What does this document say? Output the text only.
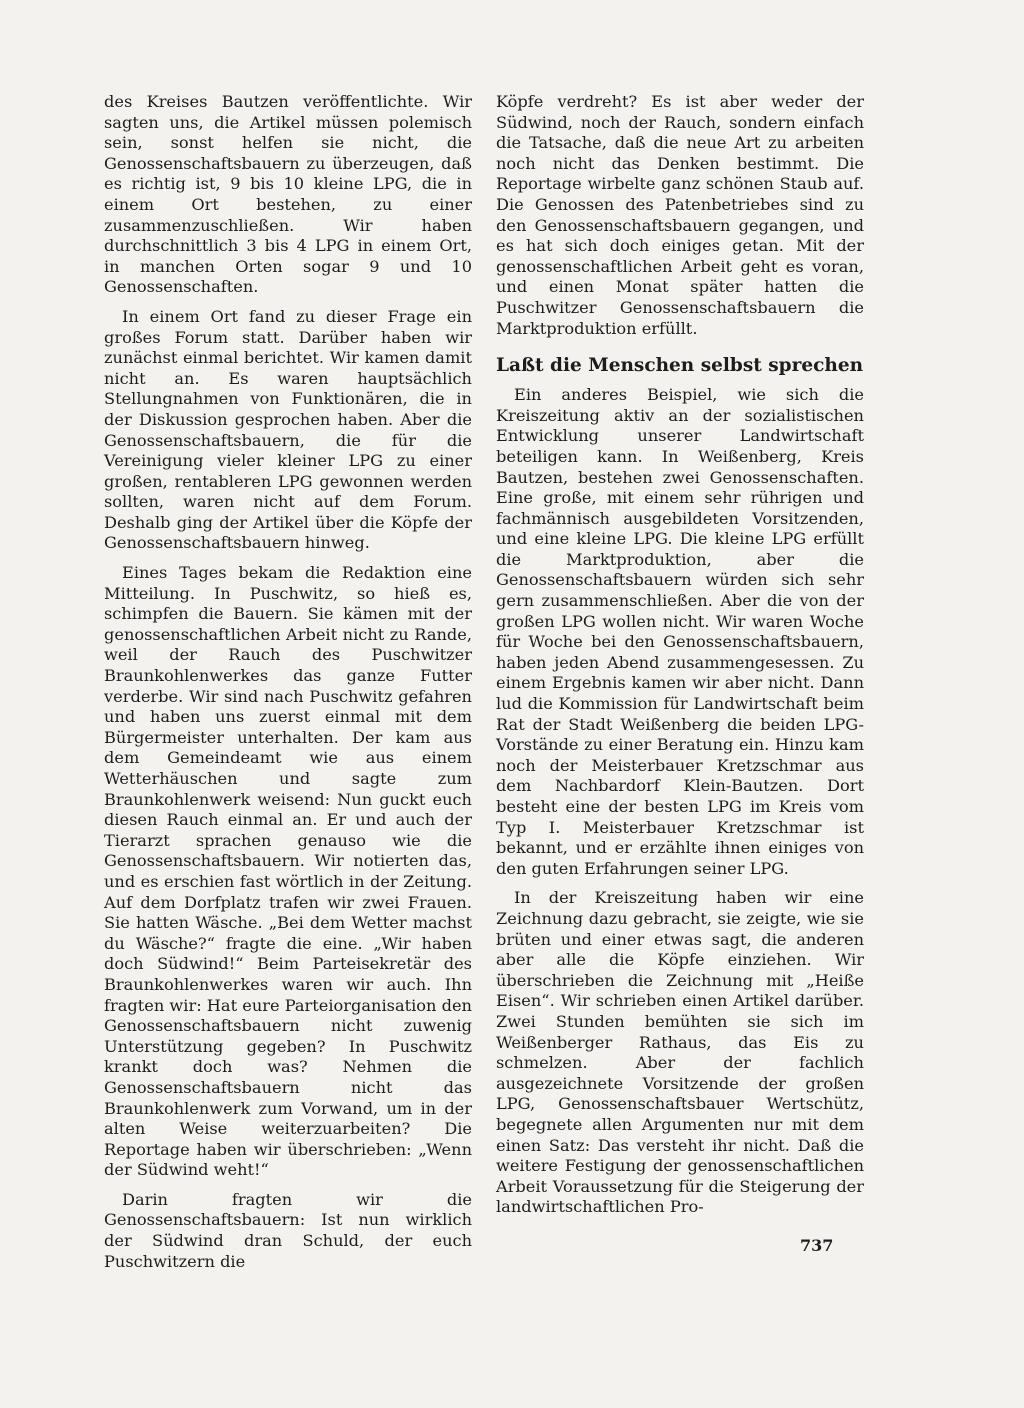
des Kreises Bautzen veröffentlichte. Wir sagten uns, die Artikel müssen polemisch sein, sonst helfen sie nicht, die Genossenschaftsbauern zu überzeugen, daß es richtig ist, 9 bis 10 kleine LPG, die in einem Ort bestehen, zu einer zusammenzuschließen. Wir haben durchschnittlich 3 bis 4 LPG in einem Ort, in manchen Orten sogar 9 und 10 Genossenschaften.

In einem Ort fand zu dieser Frage ein großes Forum statt. Darüber haben wir zunächst einmal berichtet. Wir kamen damit nicht an. Es waren hauptsächlich Stellungnahmen von Funktionären, die in der Diskussion gesprochen haben. Aber die Genossenschaftsbauern, die für die Vereinigung vieler kleiner LPG zu einer großen, rentableren LPG gewonnen werden sollten, waren nicht auf dem Forum. Deshalb ging der Artikel über die Köpfe der Genossenschaftsbauern hinweg.

Eines Tages bekam die Redaktion eine Mitteilung. In Puschwitz, so hieß es, schimpfen die Bauern. Sie kämen mit der genossenschaftlichen Arbeit nicht zu Rande, weil der Rauch des Puschwitzer Braunkohlenwerkes das ganze Futter verderbe. Wir sind nach Puschwitz gefahren und haben uns zuerst einmal mit dem Bürgermeister unterhalten. Der kam aus dem Gemeindeamt wie aus einem Wetterhäuschen und sagte zum Braunkohlenwerk weisend: Nun guckt euch diesen Rauch einmal an. Er und auch der Tierarzt sprachen genauso wie die Genossenschaftsbauern. Wir notierten das, und es erschien fast wörtlich in der Zeitung. Auf dem Dorfplatz trafen wir zwei Frauen. Sie hatten Wäsche. „Bei dem Wetter machst du Wäsche?“ fragte die eine. „Wir haben doch Südwind!“ Beim Parteisekretär des Braunkohlenwerkes waren wir auch. Ihn fragten wir: Hat eure Parteiorganisation den Genossenschaftsbauern nicht zuwenig Unterstützung gegeben? In Puschwitz krankt doch was? Nehmen die Genossenschaftsbauern nicht das Braunkohlenwerk zum Vorwand, um in der alten Weise weiterzuarbeiten? Die Reportage haben wir überschrieben: „Wenn der Südwind weht!“

Darin fragten wir die Genossenschaftsbauern: Ist nun wirklich der Südwind dran Schuld, der euch Puschwitzern die

Köpfe verdreht? Es ist aber weder der Südwind, noch der Rauch, sondern einfach die Tatsache, daß die neue Art zu arbeiten noch nicht das Denken bestimmt. Die Reportage wirbelte ganz schönen Staub auf. Die Genossen des Patenbetriebes sind zu den Genossenschaftsbauern gegangen, und es hat sich doch einiges getan. Mit der genossenschaftlichen Arbeit geht es voran, und einen Monat später hatten die Puschwitzer Genossenschaftsbauern die Marktproduktion erfüllt.

Laßt die Menschen selbst sprechen

Ein anderes Beispiel, wie sich die Kreiszeitung aktiv an der sozialistischen Entwicklung unserer Landwirtschaft beteiligen kann. In Weißenberg, Kreis Bautzen, bestehen zwei Genossenschaften. Eine große, mit einem sehr rührigen und fachmännisch ausgebildeten Vorsitzenden, und eine kleine LPG. Die kleine LPG erfüllt die Marktproduktion, aber die Genossenschaftsbauern würden sich sehr gern zusammenschließen. Aber die von der großen LPG wollen nicht. Wir waren Woche für Woche bei den Genossenschaftsbauern, haben jeden Abend zusammengesessen. Zu einem Ergebnis kamen wir aber nicht. Dann lud die Kommission für Landwirtschaft beim Rat der Stadt Weißenberg die beiden LPG-Vorstände zu einer Beratung ein. Hinzu kam noch der Meisterbauer Kretzschmar aus dem Nachbardorf Klein-Bautzen. Dort besteht eine der besten LPG im Kreis vom Typ I. Meisterbauer Kretzschmar ist bekannt, und er erzählte ihnen einiges von den guten Erfahrungen seiner LPG.

In der Kreiszeitung haben wir eine Zeichnung dazu gebracht, sie zeigte, wie sie brüten und einer etwas sagt, die anderen aber alle die Köpfe einziehen. Wir überschrieben die Zeichnung mit „Heiße Eisen“. Wir schrieben einen Artikel darüber. Zwei Stunden bemühten sie sich im Weißenberger Rathaus, das Eis zu schmelzen. Aber der fachlich ausgezeichnete Vorsitzende der großen LPG, Genossenschaftsbauer Wertschütz, begegnete allen Argumenten nur mit dem einen Satz: Das versteht ihr nicht. Daß die weitere Festigung der genossenschaftlichen Arbeit Voraussetzung für die Steigerung der landwirtschaftlichen Pro-

737
